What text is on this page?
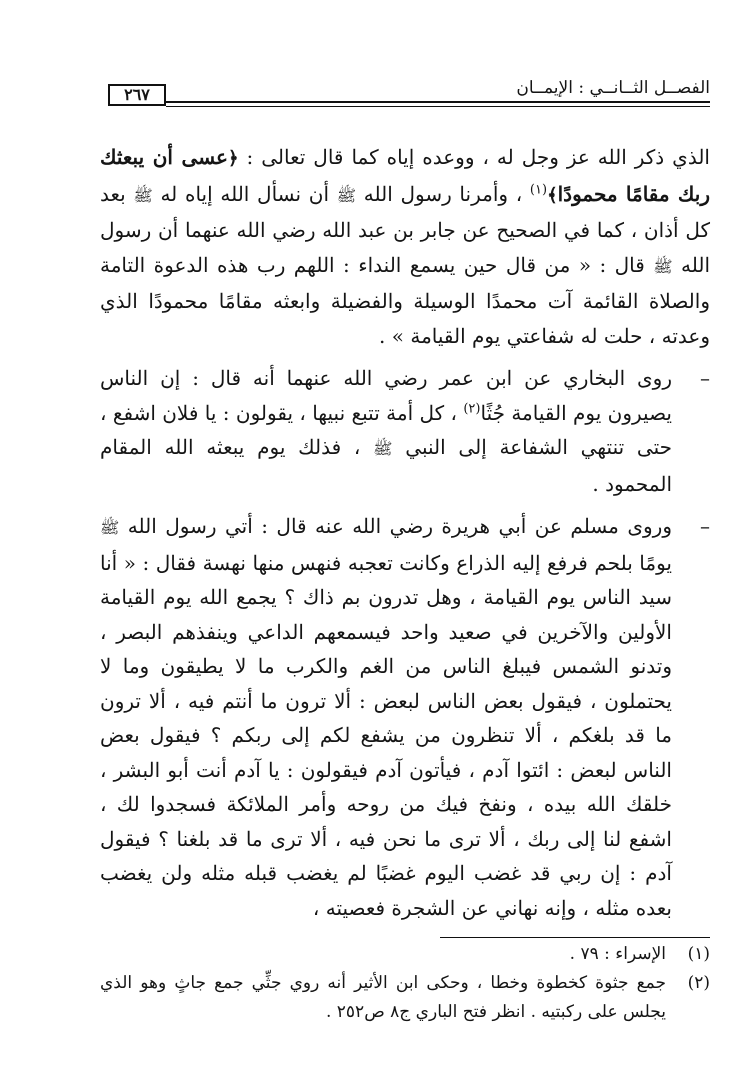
الفصــل الثــانــي : الإيمــان
٢٦٧

الذي ذكر الله عز وجل له ، ووعده إياه كما قال تعالى : ﴿عسى أن يبعثك ربك مقامًا محمودًا﴾$^{(١)}$ ، وأمرنا رسول الله ﷺ أن نسأل الله إياه له ﷺ بعد كل أذان ، كما في الصحيح عن جابر بن عبد الله رضي الله عنهما أن رسول الله ﷺ قال : « من قال حين يسمع النداء : اللهم رب هذه الدعوة التامة والصلاة القائمة آت محمدًا الوسيلة والفضيلة وابعثه مقامًا محمودًا الذي وعدته ، حلت له شفاعتي يوم القيامة » .

–
روى البخاري عن ابن عمر رضي الله عنهما أنه قال : إن الناس يصيرون يوم القيامة جُثًا$^{(٢)}$ ، كل أمة تتبع نبيها ، يقولون : يا فلان اشفع ، حتى تنتهي الشفاعة إلى النبي ﷺ ، فذلك يوم يبعثه الله المقام المحمود .

–
وروى مسلم عن أبي هريرة رضي الله عنه قال : أتي رسول الله ﷺ يومًا بلحم فرفع إليه الذراع وكانت تعجبه فنهس منها نهسة فقال : « أنا سيد الناس يوم القيامة ، وهل تدرون بم ذاك ؟ يجمع الله يوم القيامة الأولين والآخرين في صعيد واحد فيسمعهم الداعي وينفذهم البصر ، وتدنو الشمس فيبلغ الناس من الغم والكرب ما لا يطيقون وما لا يحتملون ، فيقول بعض الناس لبعض : ألا ترون ما أنتم فيه ، ألا ترون ما قد بلغكم ، ألا تنظرون من يشفع لكم إلى ربكم ؟ فيقول بعض الناس لبعض : ائتوا آدم ، فيأتون آدم فيقولون : يا آدم أنت أبو البشر ، خلقك الله بيده ، ونفخ فيك من روحه وأمر الملائكة فسجدوا لك ، اشفع لنا إلى ربك ، ألا ترى ما نحن فيه ، ألا ترى ما قد بلغنا ؟ فيقول آدم : إن ربي قد غضب اليوم غضبًا لم يغضب قبله مثله ولن يغضب بعده مثله ، وإنه نهاني عن الشجرة فعصيته ،

(١)
الإسراء : ٧٩ .
(٢)
جمع جثوة كخطوة وخطا ، وحكى ابن الأثير أنه روي جثِّي جمع جاثٍ وهو الذي يجلس على ركبتيه . انظر فتح الباري ج٨ ص٢٥٢ .
